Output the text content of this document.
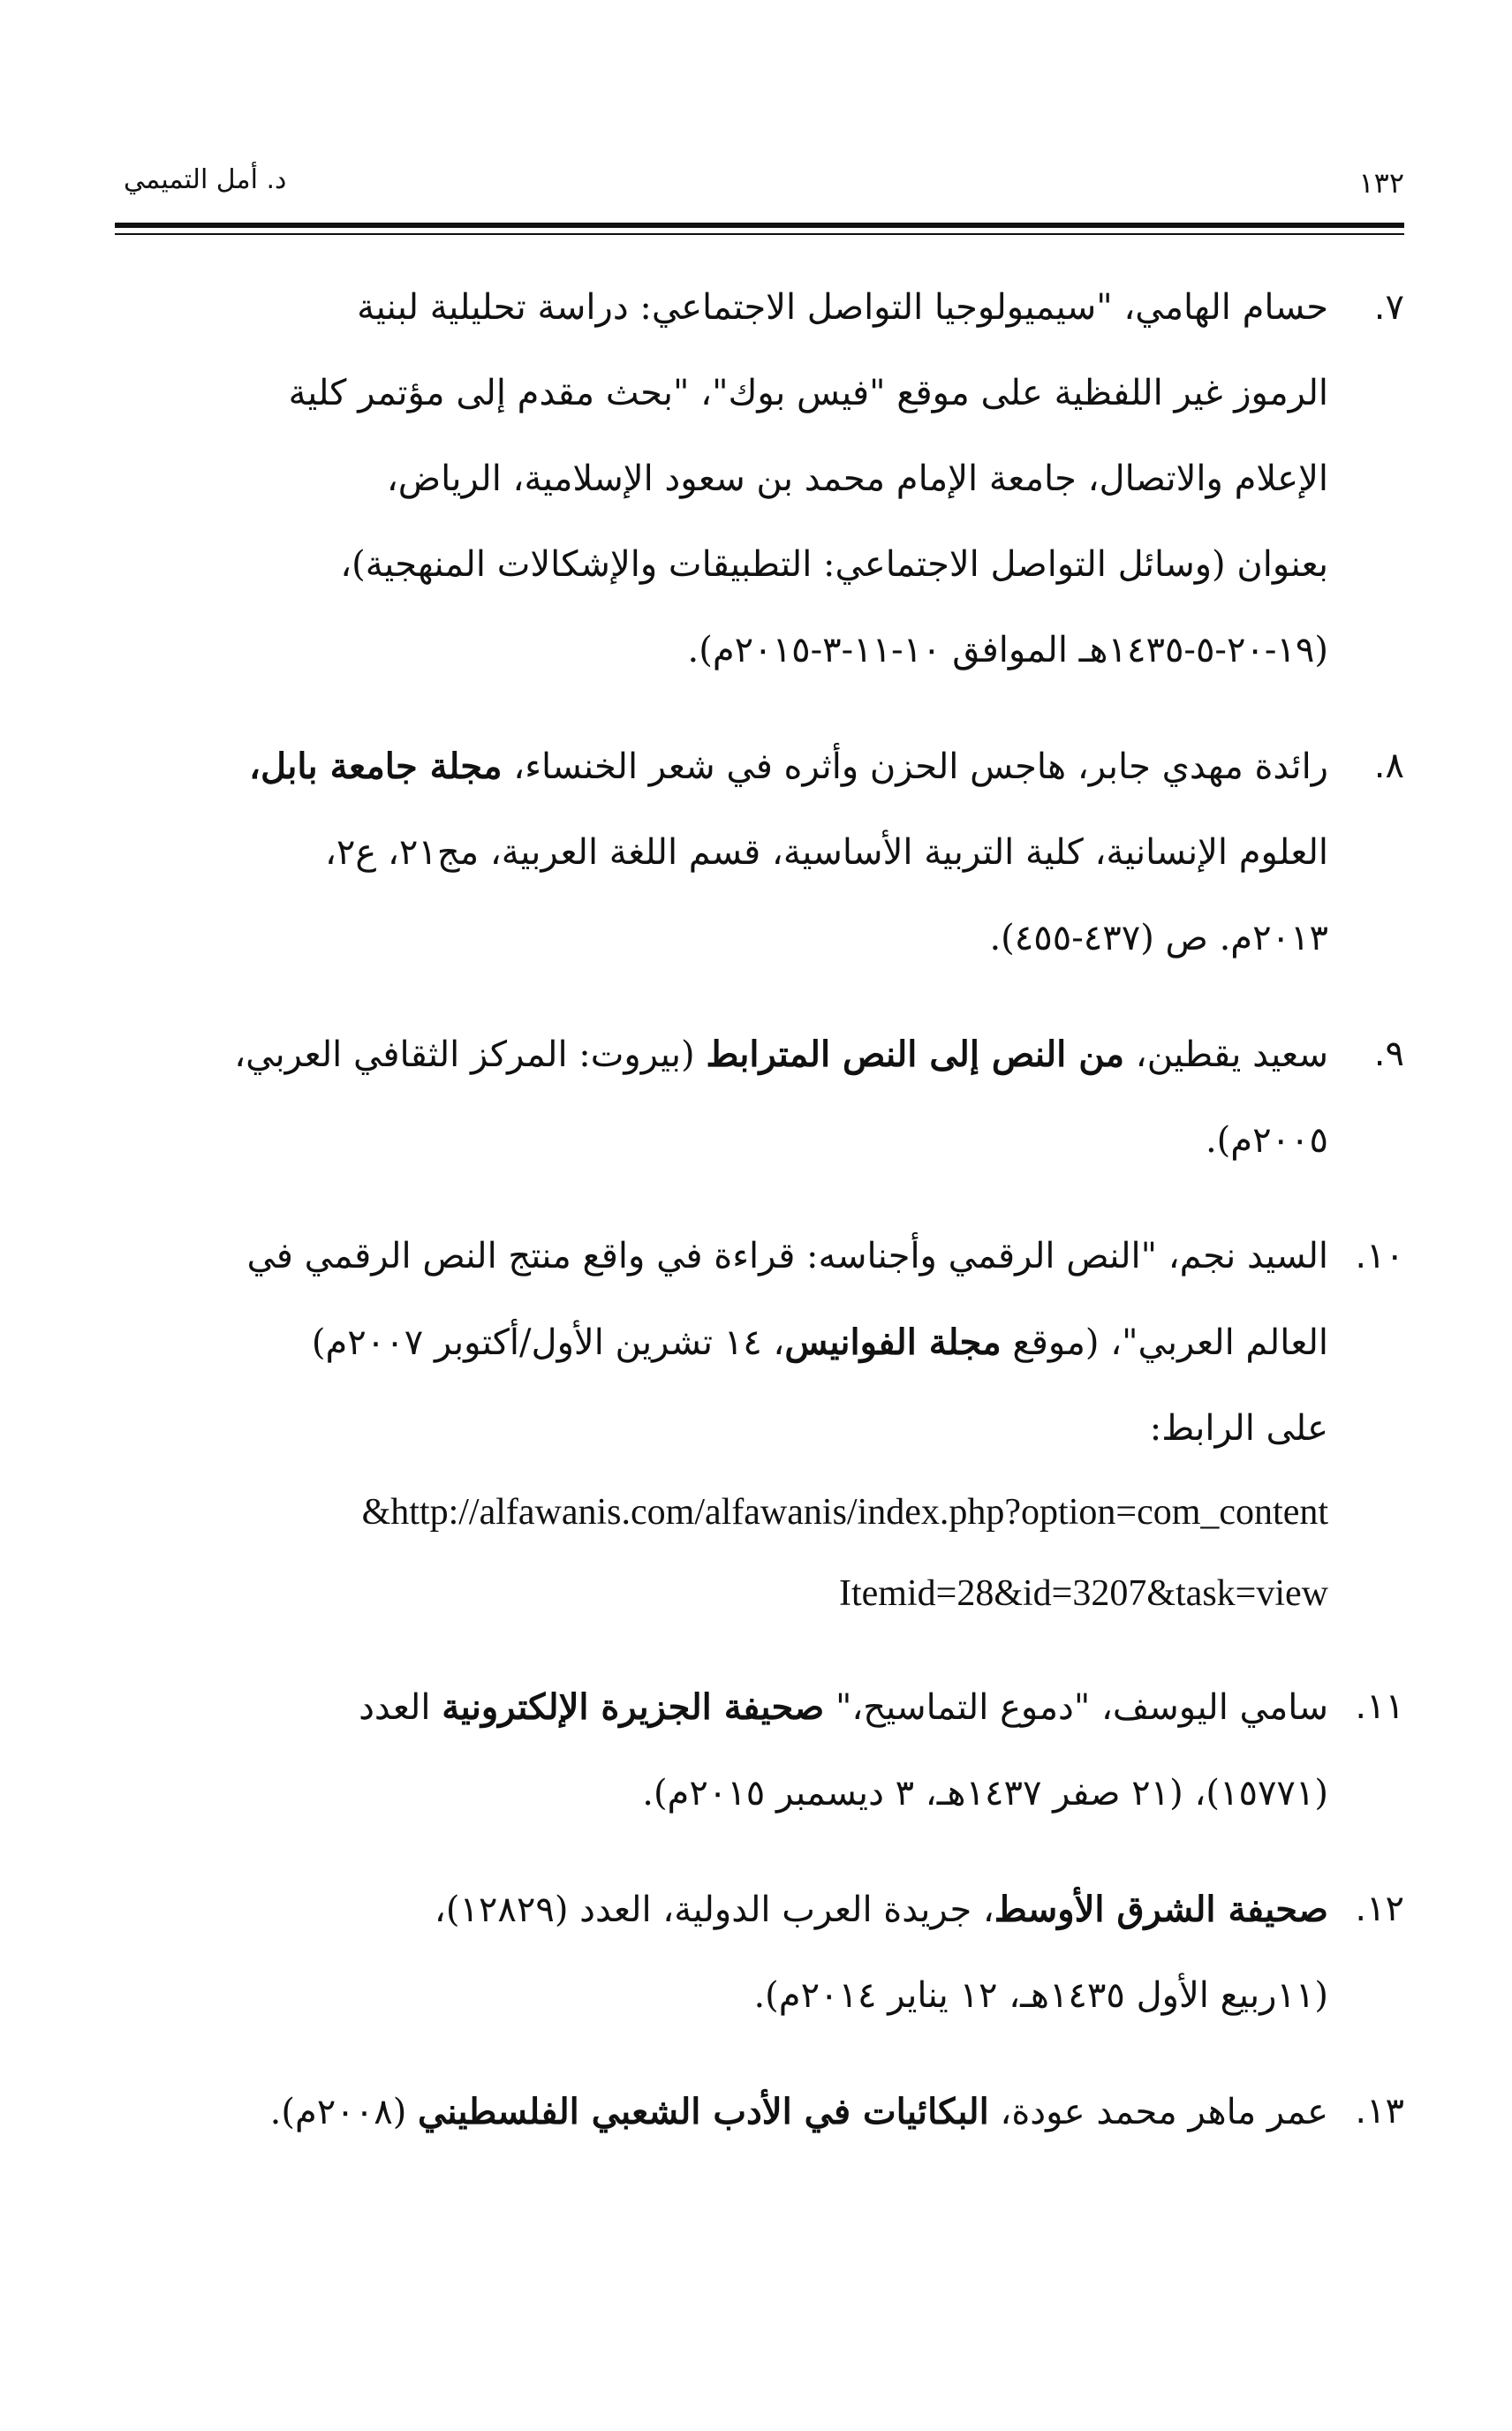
١٣٢
د. أمل التميمي
٧.
حسام الهامي، "سيميولوجيا التواصل الاجتماعي: دراسة تحليلية لبنية
الرموز غير اللفظية على موقع "فيس بوك"، "بحث مقدم إلى مؤتمر كلية
الإعلام والاتصال، جامعة الإمام محمد بن سعود الإسلامية، الرياض،
بعنوان (وسائل التواصل الاجتماعي: التطبيقات والإشكالات المنهجية)،
(١٩-٢٠-٥-١٤٣٥هـ الموافق ١٠-١١-٣-٢٠١٥م).
٨.
رائدة مهدي جابر، هاجس الحزن وأثره في شعر الخنساء، مجلة جامعة بابل،
العلوم الإنسانية، كلية التربية الأساسية، قسم اللغة العربية، مج٢١، ع٢،
٢٠١٣م. ص (٤٣٧-٤٥٥).
٩.
سعيد يقطين، من النص إلى النص المترابط (بيروت: المركز الثقافي العربي،
٢٠٠٥م).
١٠.
السيد نجم، "النص الرقمي وأجناسه: قراءة في واقع منتج النص الرقمي في
العالم العربي"، (موقع مجلة الفوانيس، ١٤ تشرين الأول/أكتوبر ٢٠٠٧م)
على الرابط:
&http://alfawanis.com/alfawanis/index.php?option=com_content
Itemid=28&id=3207&task=view
١١.
سامي اليوسف، "دموع التماسيح،" صحيفة الجزيرة الإلكترونية العدد
(١٥٧٧١)، (٢١ صفر ١٤٣٧هـ، ٣ ديسمبر ٢٠١٥م).
١٢.
صحيفة الشرق الأوسط، جريدة العرب الدولية، العدد (١٢٨٢٩)،
(١١ربيع الأول ١٤٣٥هـ، ١٢ يناير ٢٠١٤م).
١٣.
عمر ماهر محمد عودة، البكائيات في الأدب الشعبي الفلسطيني (٢٠٠٨م).
